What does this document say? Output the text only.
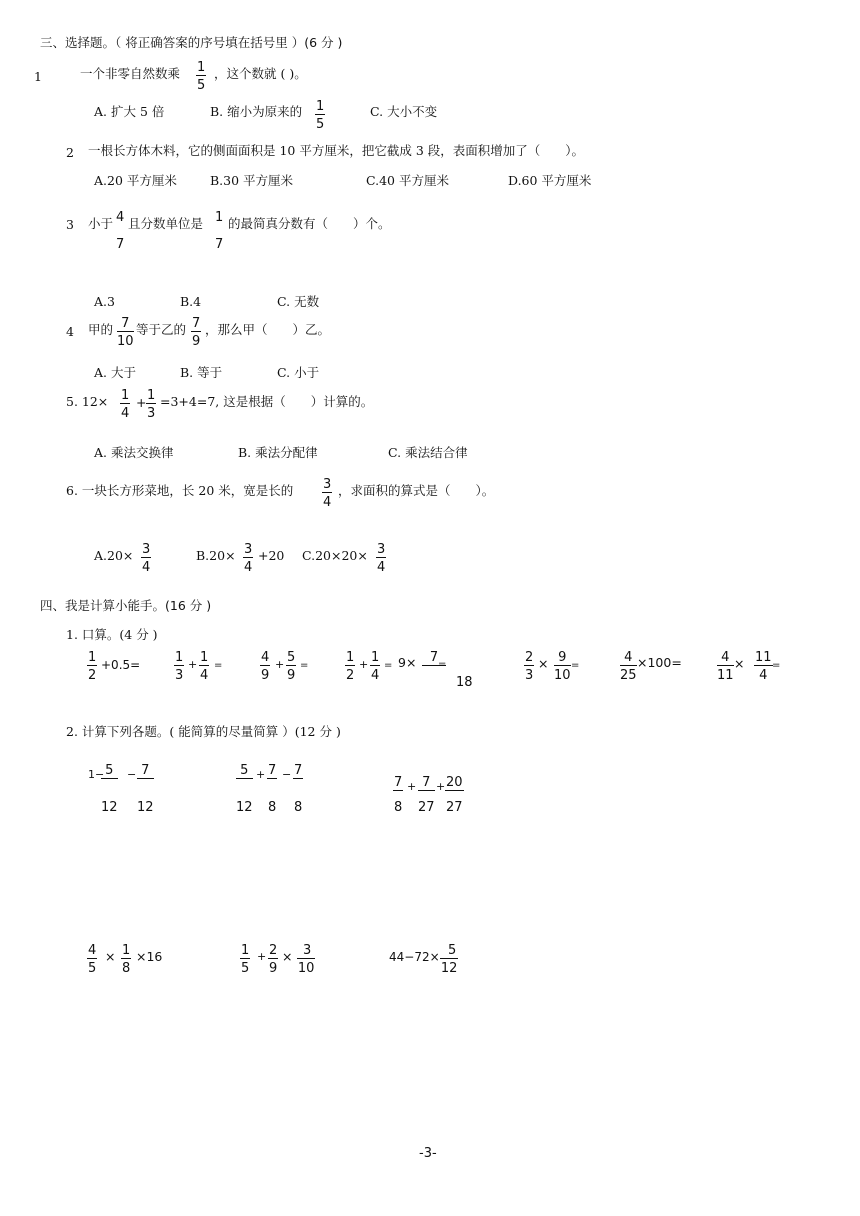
三、选择题。（ 将正确答案的序号填在括号里 ）(6 分 )
1	一个非零自然数乘 $\frac{1}{5}$ ，这个数就 ( )。
A. 扩大 5 倍	B. 缩小为原来的 $\frac{1}{5}$	C. 大小不变
2 一根长方体木料，它的侧面面积是 10 平方厘米，把它截成 3 段，表面积增加了（　　）。
A.20 平方厘米	B.30 平方厘米	C.40 平方厘米	D.60 平方厘米
3 小于 4
7
且分数单位是 1
7
的最简真分数有（　　）个。
A.3	B.4	C. 无数
4 甲的 $\frac{7}{10}$ 等于乙的 $\frac{7}{9}$ ，那么甲（　　）乙。
A. 大于	B. 等于	C. 小于
5. $12\times \frac{1}{4} + \frac{1}{3} =3+4=7$, 这是根据（　　）计算的。
A. 乘法交换律	B. 乘法分配律	C. 乘法结合律
6. 一块长方形菜地，长 20 米，宽是长的 $\frac{3}{4}$ ，求面积的算式是（　　）。
$A.20\times \frac{3}{4}$	$B.20\times \frac{3}{4} +20$ $C.20\times 20\times \frac{3}{4}$
四、我是计算小能手。(16 分 )
1. 口算。(4 分 )
$\frac{1}{2} +0.5=$	$\frac{1}{3} + \frac{1}{4}$ =	$\frac{4}{9} + \frac{5}{9}$ =	$\frac{1}{2} + \frac{1}{4} = 9\times$	7
18
=	$\frac{2}{3} \times \frac{9}{10}$ =	$\frac{4}{25} \times 100=$	$\frac{4}{11} \times \frac{11}{4}$ =
2. 计算下列各题。( 能简算的尽量简算 ）(12 分 )
1−
$\frac{5}{12} - \frac{7}{12}$	$\frac{5}{12} + \frac{7}{8} - \frac{7}{8}$	$\frac{7}{8} + \frac{7}{27} + \frac{20}{27}$
$\frac{4}{5} \times \frac{1}{8} \times 16$	$\frac{1}{5} + \frac{2}{9} \times \frac{3}{10}$	$44-72\times \frac{5}{12}$
-3-
